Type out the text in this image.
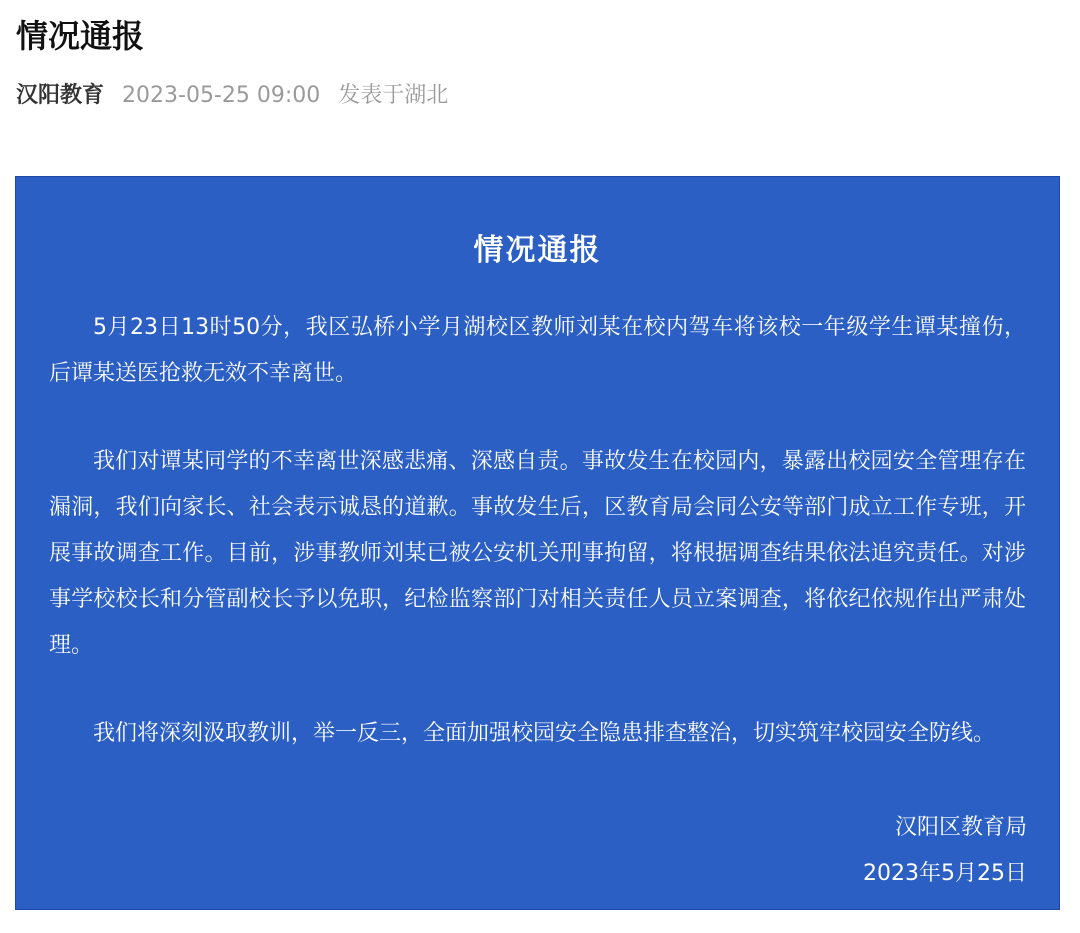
情况通报
汉阳教育 2023-05-25 09:00 发表于湖北
情况通报

5月23日13时50分，我区弘桥小学月湖校区教师刘某在校内驾车将该校一年级学生谭某撞伤，后谭某送医抢救无效不幸离世。

我们对谭某同学的不幸离世深感悲痛、深感自责。事故发生在校园内，暴露出校园安全管理存在漏洞，我们向家长、社会表示诚恳的道歉。事故发生后，区教育局会同公安等部门成立工作专班，开展事故调查工作。目前，涉事教师刘某已被公安机关刑事拘留，将根据调查结果依法追究责任。对涉事学校校长和分管副校长予以免职，纪检监察部门对相关责任人员立案调查，将依纪依规作出严肃处理。

我们将深刻汲取教训，举一反三，全面加强校园安全隐患排查整治，切实筑牢校园安全防线。

汉阳区教育局
2023年5月25日
